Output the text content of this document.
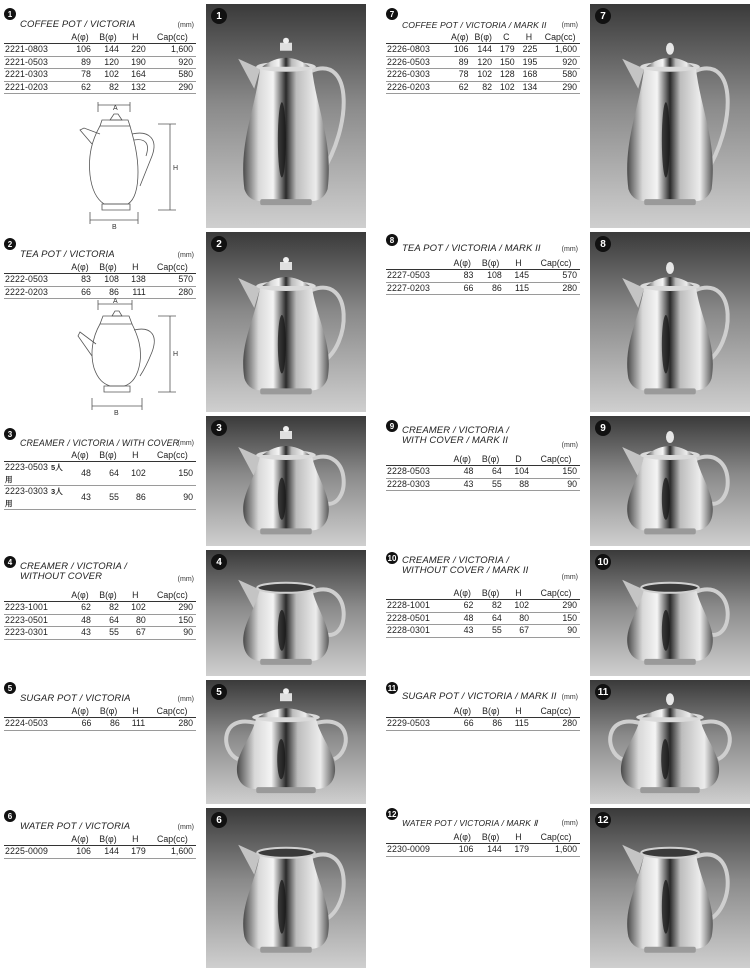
1
COFFEE POT / VICTORIA	(mm)
	A(φ)	B(φ)	H	Cap(cc)
2221-0803	106	144	220	1,600
2221-0503	89	120	190	920
2221-0303	78	102	164	580
2221-0203	62	82	132	290
2
TEA POT / VICTORIA	(mm)
	A(φ)	B(φ)	H	Cap(cc)
2222-0503	83	108	138	570
2222-0203	66	86	111	280
3
CREAMER / VICTORIA / WITH COVER
(mm)
	A(φ)	B(φ)	H	Cap(cc)
2223-0503 5人用	48	64	102	150
2223-0303 3人用	43	55	86	90
4 CREAMER / VICTORIA / WITHOUT COVER	(mm)
	A(φ)	B(φ)	H	Cap(cc)
2223-1001	62	82	102	290
2223-0501	48	64	80	150
2223-0301	43	55	67	90
5
SUGAR POT / VICTORIA	(mm)
	A(φ)	B(φ)	H	Cap(cc)
2224-0503	66	86	111	280
6
WATER POT / VICTORIA	(mm)
	A(φ)	B(φ)	H	Cap(cc)
2225-0009	106	144	179	1,600
7
COFFEE POT / VICTORIA / MARK II (mm)
	A(φ)	B(φ)	C	H	Cap(cc)
2226-0803	106	144	179	225	1,600
2226-0503	89	120	150	195	920
2226-0303	78	102	128	168	580
2226-0203	62	82	102	134	290
8
TEA POT / VICTORIA / MARK II	(mm)
	A(φ)	B(φ)	H	Cap(cc)
2227-0503	83	108	145	570
2227-0203	66	86	115	280
9 CREAMER / VICTORIA / WITH COVER / MARK II	(mm)
	A(φ)	B(φ)	D	Cap(cc)
2228-0503	48	64	104	150
2228-0303	43	55	88	90
10 CREAMER / VICTORIA / WITHOUT COVER / MARK II
(mm)
	A(φ)	B(φ)	H	Cap(cc)
2228-1001	62	82	102	290
2228-0501	48	64	80	150
2228-0301	43	55	67	90
11
SUGAR POT / VICTORIA / MARK II (mm)
	A(φ)	B(φ)	H	Cap(cc)
2229-0503	66	86	115	280
12
WATER POT / VICTORIA / MARK Ⅱ	(mm)
	A(φ)	B(φ)	H	Cap(cc)
2230-0009	106	144	179	1,600
A
B
H
A
B
H
1
2
3
4
5
6
7
8
9
10
11
12
